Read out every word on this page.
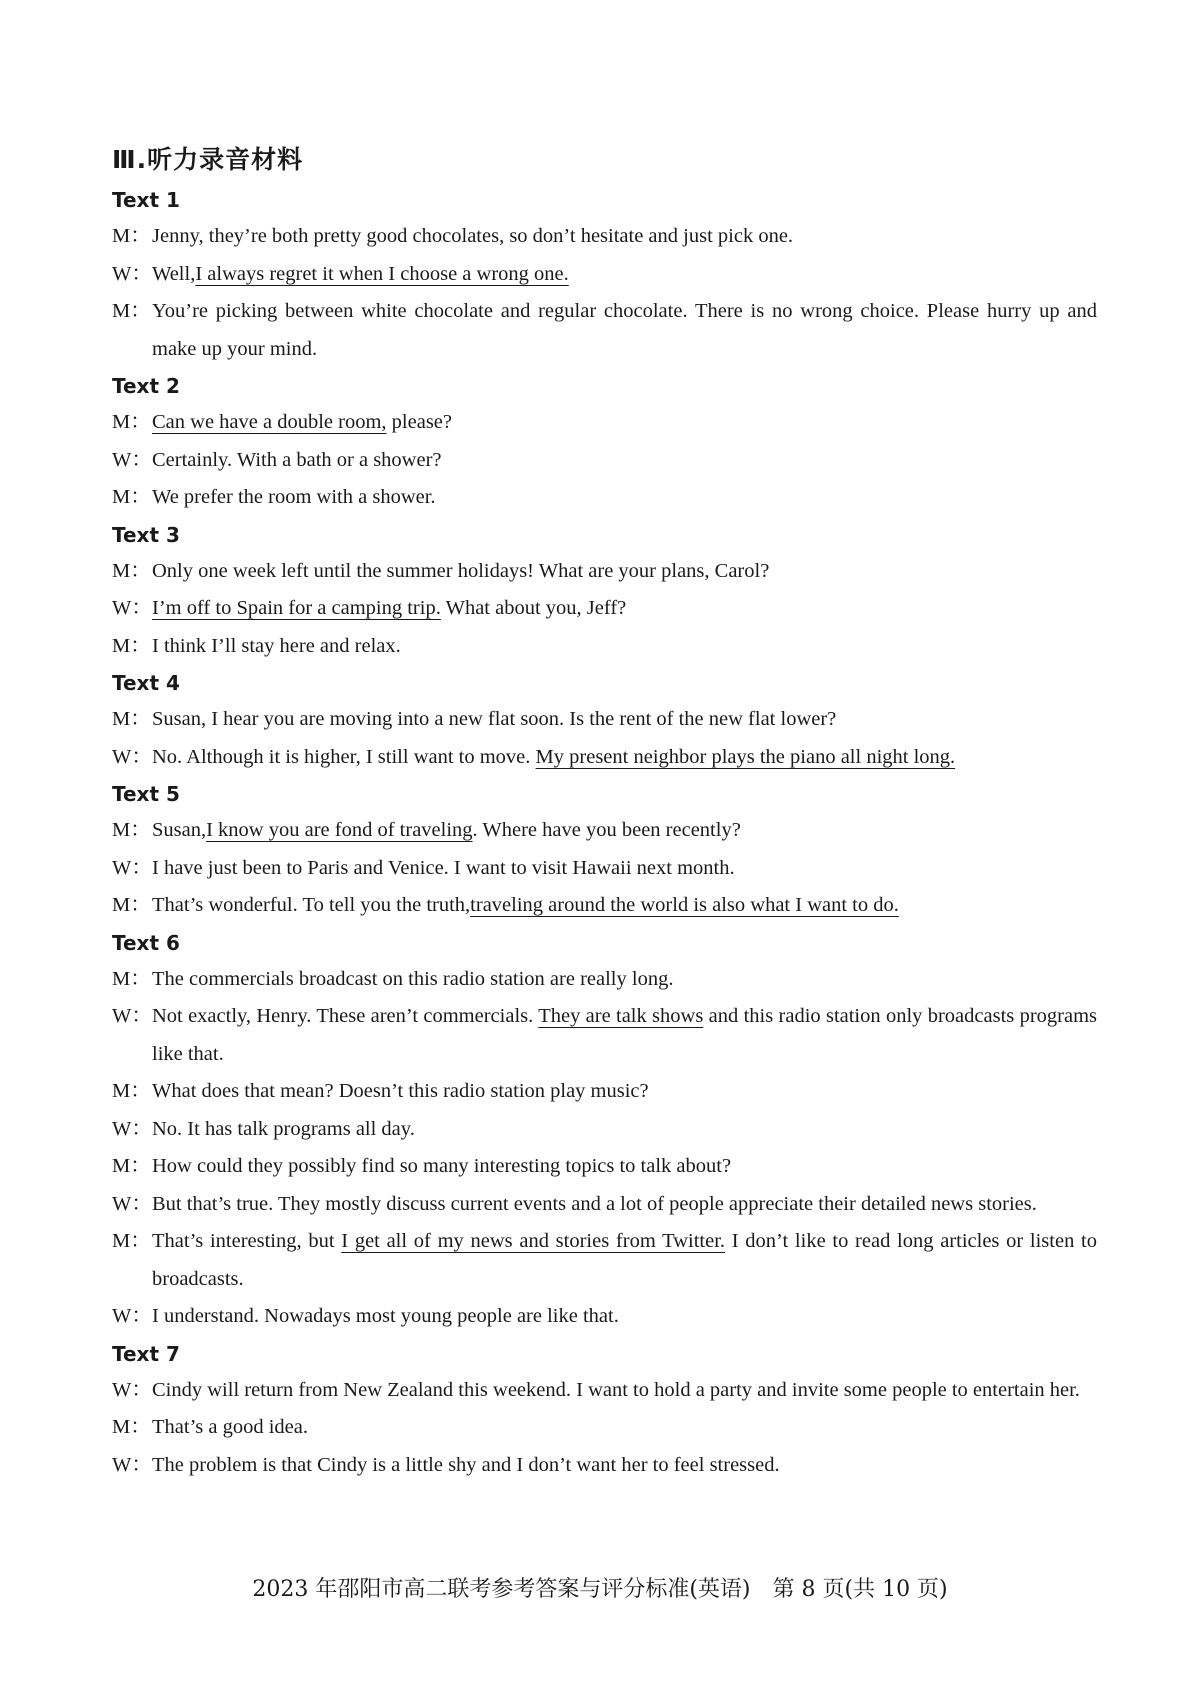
Ⅲ.听力录音材料
Text 1
M： Jenny, they’re both pretty good chocolates, so don’t hesitate and just pick one.
W： Well,I always regret it when I choose a wrong one.
M： You’re picking between white chocolate and regular chocolate. There is no wrong choice. Please hurry up and make up your mind.
Text 2
M： Can we have a double room, please?
W： Certainly. With a bath or a shower?
M： We prefer the room with a shower.
Text 3
M： Only one week left until the summer holidays! What are your plans, Carol?
W： I’m off to Spain for a camping trip. What about you, Jeff?
M： I think I’ll stay here and relax.
Text 4
M： Susan, I hear you are moving into a new flat soon. Is the rent of the new flat lower?
W： No. Although it is higher, I still want to move. My present neighbor plays the piano all night long.
Text 5
M： Susan,I know you are fond of traveling. Where have you been recently?
W： I have just been to Paris and Venice. I want to visit Hawaii next month.
M： That’s wonderful. To tell you the truth,traveling around the world is also what I want to do.
Text 6
M： The commercials broadcast on this radio station are really long.
W： Not exactly, Henry. These aren’t commercials. They are talk shows and this radio station only broadcasts programs like that.
M： What does that mean? Doesn’t this radio station play music?
W： No. It has talk programs all day.
M： How could they possibly find so many interesting topics to talk about?
W： But that’s true. They mostly discuss current events and a lot of people appreciate their detailed news stories.
M： That’s interesting, but I get all of my news and stories from Twitter. I don’t like to read long articles or listen to broadcasts.
W： I understand. Nowadays most young people are like that.
Text 7
W： Cindy will return from New Zealand this weekend. I want to hold a party and invite some people to entertain her.
M： That’s a good idea.
W： The problem is that Cindy is a little shy and I don’t want her to feel stressed.
2023 年邵阳市高二联考参考答案与评分标准(英语)　第 8 页(共 10 页)
